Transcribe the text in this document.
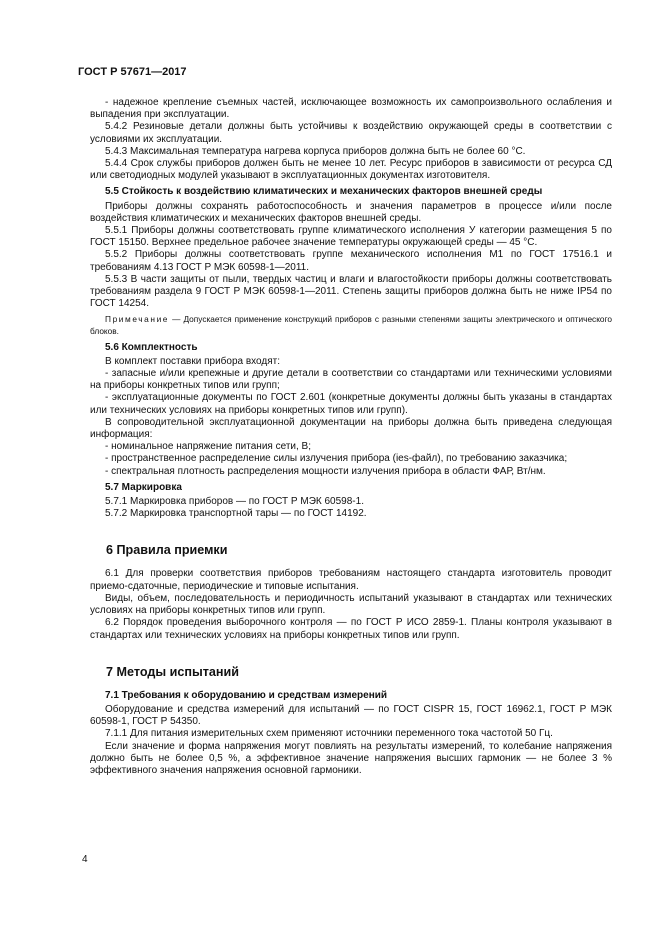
ГОСТ Р 57671—2017

- надежное крепление съемных частей, исключающее возможность их самопроизвольного ослабления и выпадения при эксплуатации.

5.4.2 Резиновые детали должны быть устойчивы к воздействию окружающей среды в соответствии с условиями их эксплуатации.

5.4.3 Максимальная температура нагрева корпуса приборов должна быть не более 60 °С.

5.4.4 Срок службы приборов должен быть не менее 10 лет. Ресурс приборов в зависимости от ресурса СД или светодиодных модулей указывают в эксплуатационных документах изготовителя.

5.5 Стойкость к воздействию климатических и механических факторов внешней среды

Приборы должны сохранять работоспособность и значения параметров в процессе и/или после воздействия климатических и механических факторов внешней среды.

5.5.1 Приборы должны соответствовать группе климатического исполнения У категории размещения 5 по ГОСТ 15150. Верхнее предельное рабочее значение температуры окружающей среды — 45 °С.

5.5.2 Приборы должны соответствовать группе механического исполнения М1 по ГОСТ 17516.1 и требованиям 4.13 ГОСТ Р МЭК 60598-1—2011.

5.5.3 В части защиты от пыли, твердых частиц и влаги и влагостойкости приборы должны соответствовать требованиям раздела 9 ГОСТ Р МЭК 60598-1—2011. Степень защиты приборов должна быть не ниже IP54 по ГОСТ 14254.

Примечание — Допускается применение конструкций приборов с разными степенями защиты электрического и оптического блоков.

5.6 Комплектность

В комплект поставки прибора входят:

- запасные и/или крепежные и другие детали в соответствии со стандартами или техническими условиями на приборы конкретных типов или групп;

- эксплуатационные документы по ГОСТ 2.601 (конкретные документы должны быть указаны в стандартах или технических условиях на приборы конкретных типов или групп).

В сопроводительной эксплуатационной документации на приборы должна быть приведена следующая информация:

- номинальное напряжение питания сети, В;

- пространственное распределение силы излучения прибора (ies-файл), по требованию заказчика;

- спектральная плотность распределения мощности излучения прибора в области ФАР, Вт/нм.

5.7 Маркировка

5.7.1 Маркировка приборов — по ГОСТ Р МЭК 60598-1.

5.7.2 Маркировка транспортной тары — по ГОСТ 14192.

6 Правила приемки

6.1 Для проверки соответствия приборов требованиям настоящего стандарта изготовитель проводит приемо-сдаточные, периодические и типовые испытания.

Виды, объем, последовательность и периодичность испытаний указывают в стандартах или технических условиях на приборы конкретных типов или групп.

6.2 Порядок проведения выборочного контроля — по ГОСТ Р ИСО 2859-1. Планы контроля указывают в стандартах или технических условиях на приборы конкретных типов или групп.

7 Методы испытаний

7.1 Требования к оборудованию и средствам измерений

Оборудование и средства измерений для испытаний — по ГОСТ CISPR 15, ГОСТ 16962.1, ГОСТ Р МЭК 60598-1, ГОСТ Р 54350.

7.1.1 Для питания измерительных схем применяют источники переменного тока частотой 50 Гц.

Если значение и форма напряжения могут повлиять на результаты измерений, то колебание напряжения должно быть не более 0,5 %, а эффективное значение напряжения высших гармоник — не более 3 % эффективного значения напряжения основной гармоники.

4
